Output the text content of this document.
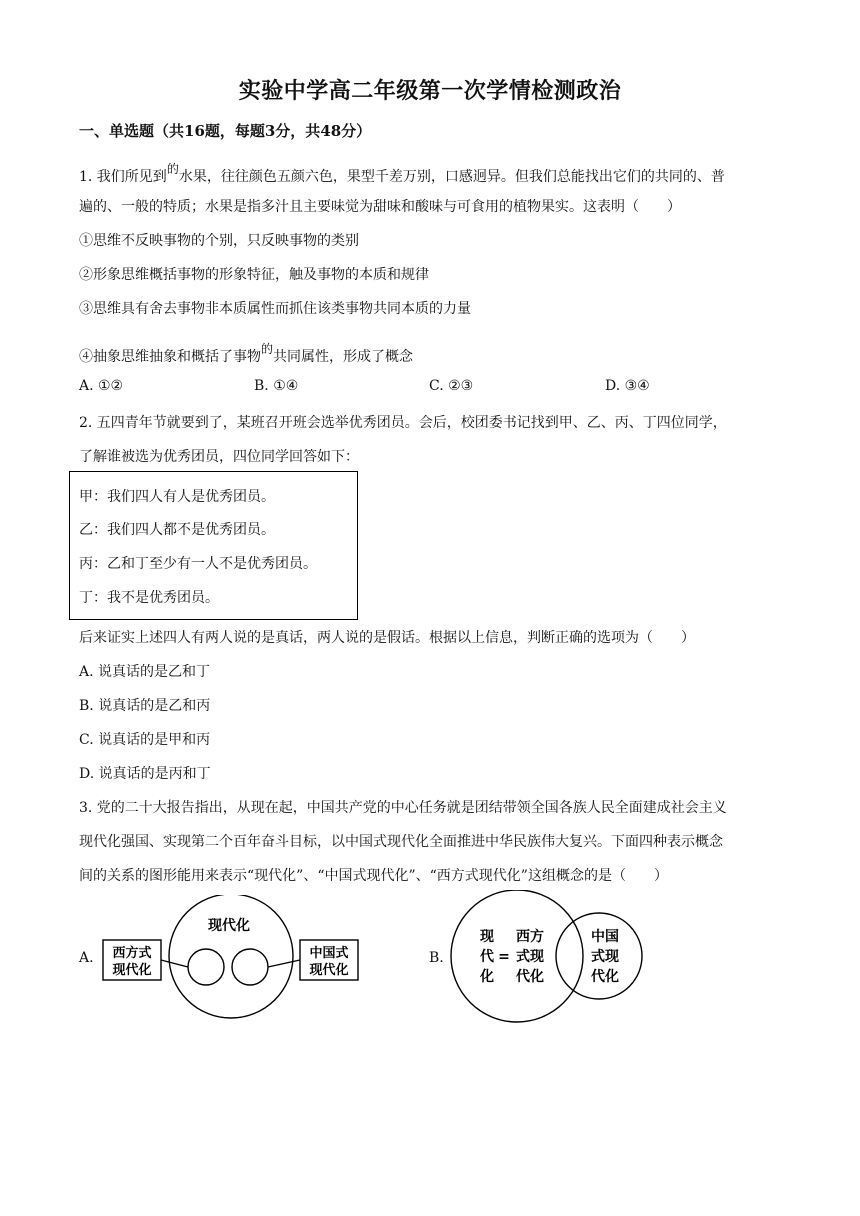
实验中学高二年级第一次学情检测政治
一、单选题（共16题，每题3分，共48分）
1. 我们所见到$^的$水果，往往颜色五颜六色，果型千差万别，口感迥异。但我们总能找出它们的共同的、普
遍的、一般的特质；水果是指多汁且主要味觉为甜味和酸味与可食用的植物果实。这表明（　　）
①思维不反映事物的个别，只反映事物的类别
②形象思维概括事物的形象特征，触及事物的本质和规律
③思维具有舍去事物非本质属性而抓住该类事物共同本质的力量
④抽象思维抽象和概括了事物$^的$共同属性，形成了概念
A. ①②	B. ①④	C. ②③	D. ③④
2. 五四青年节就要到了，某班召开班会选举优秀团员。会后，校团委书记找到甲、乙、丙、丁四位同学，
了解谁被选为优秀团员，四位同学回答如下：
甲：我们四人有人是优秀团员。
乙：我们四人都不是优秀团员。
丙：乙和丁至少有一人不是优秀团员。
丁：我不是优秀团员。
后来证实上述四人有两人说的是真话，两人说的是假话。根据以上信息，判断正确的选项为（　　）
A. 说真话的是乙和丁
B. 说真话的是乙和丙
C. 说真话的是甲和丙
D. 说真话的是丙和丁
3. 党的二十大报告指出，从现在起，中国共产党的中心任务就是团结带领全国各族人民全面建成社会主义
现代化强国、实现第二个百年奋斗目标，以中国式现代化全面推进中华民族伟大复兴。下面四种表示概念
间的关系的图形能用来表示“现代化”、“中国式现代化”、“西方式现代化”这组概念的是（　　）
A.
现代化
西方式
现代化
中国式
现代化
B.
现
代
化
=
西方
式现
代化
中国
式现
代化
